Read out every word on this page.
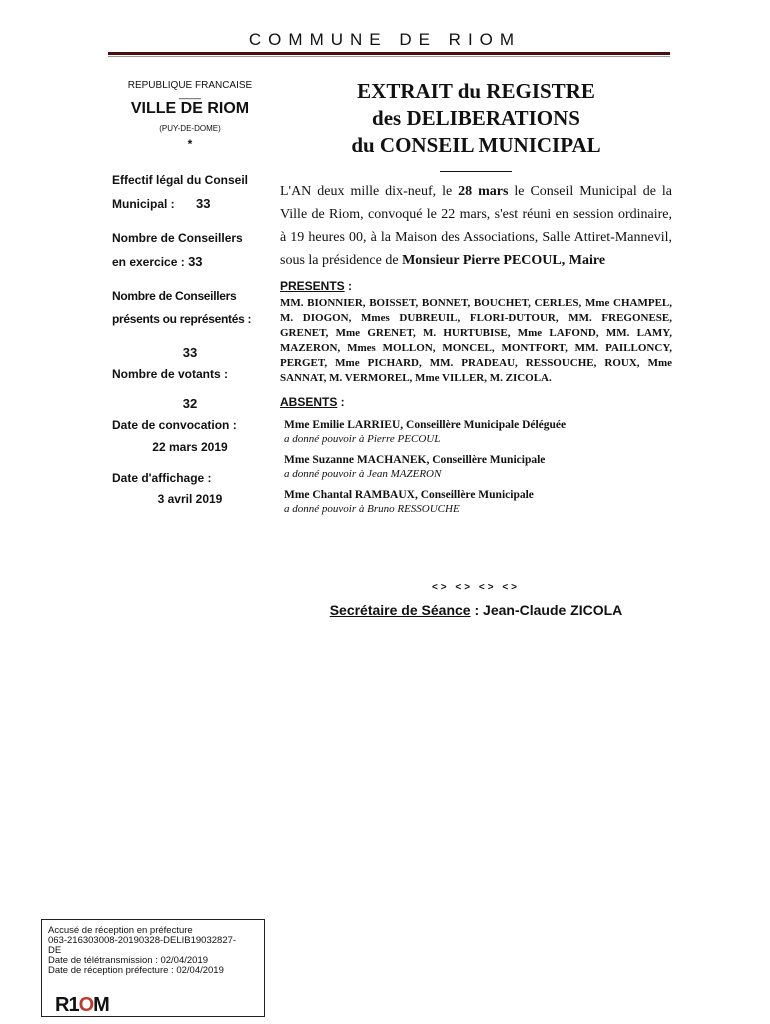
COMMUNE DE RIOM
REPUBLIQUE FRANCAISE
____
VILLE DE RIOM
(PUY-DE-DOME)
*
Effectif légal du Conseil
Municipal : 33
Nombre de Conseillers
en exercice : 33
Nombre de Conseillers
présents ou représentés :
33
Nombre de votants :
32
Date de convocation :
22 mars 2019
Date d'affichage :
3 avril 2019
EXTRAIT du REGISTRE
des DELIBERATIONS
du CONSEIL MUNICIPAL
L'AN deux mille dix-neuf, le 28 mars le Conseil Municipal de la Ville de Riom, convoqué le 22 mars, s'est réuni en session ordinaire, à 19 heures 00, à la Maison des Associations, Salle Attiret-Mannevil, sous la présidence de Monsieur Pierre PECOUL, Maire
PRESENTS :
MM. BIONNIER, BOISSET, BONNET, BOUCHET, CERLES, Mme CHAMPEL, M. DIOGON, Mmes DUBREUIL, FLORI-DUTOUR, MM. FREGONESE, GRENET, Mme GRENET, M. HURTUBISE, Mme LAFOND, MM. LAMY, MAZERON, Mmes MOLLON, MONCEL, MONTFORT, MM. PAILLONCY, PERGET, Mme PICHARD, MM. PRADEAU, RESSOUCHE, ROUX, Mme SANNAT, M. VERMOREL, Mme VILLER, M. ZICOLA.
ABSENTS :
Mme Emilie LARRIEU, Conseillère Municipale Déléguée
a donné pouvoir à Pierre PECOUL
Mme Suzanne MACHANEK, Conseillère Municipale
a donné pouvoir à Jean MAZERON
Mme Chantal RAMBAUX, Conseillère Municipale
a donné pouvoir à Bruno RESSOUCHE
<> <> <> <>
Secrétaire de Séance : Jean-Claude ZICOLA
Accusé de réception en préfecture
063-216303008-20190328-DELIB19032827-
DE
Date de télétransmission : 02/04/2019
Date de réception préfecture : 02/04/2019
R1OM
